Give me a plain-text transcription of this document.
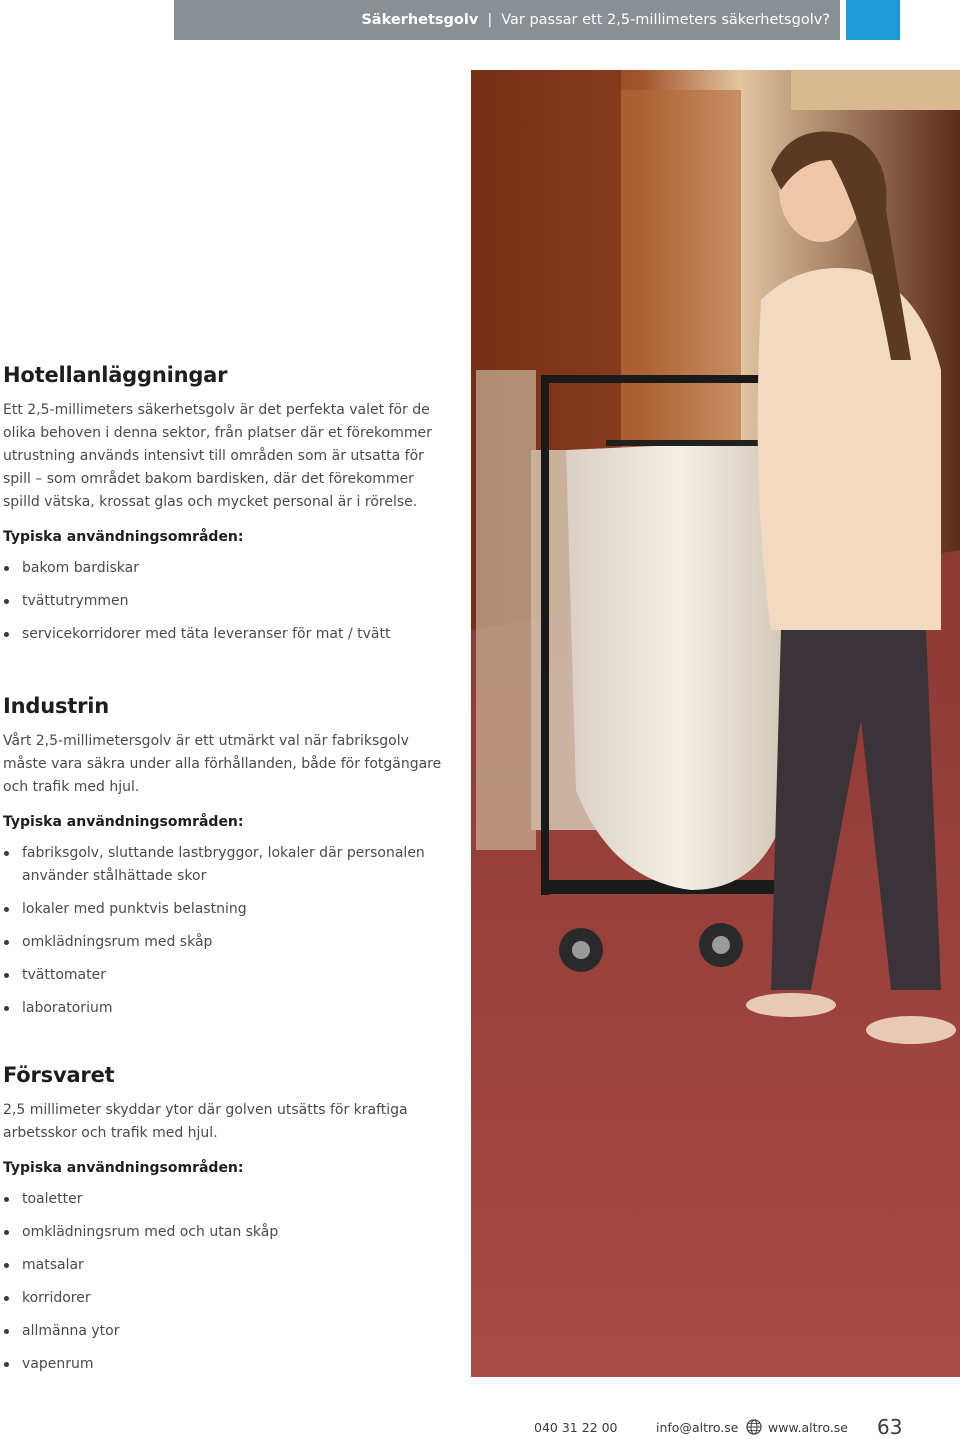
Säkerhetsgolv | Var passar ett 2,5-millimeters säkerhetsgolv?
Hotellanläggningar

Ett 2,5-millimeters säkerhetsgolv är det perfekta valet för de olika behoven i denna sektor, från platser där et förekommer utrustning används intensivt till områden som är utsatta för spill – som området bakom bardisken, där det förekommer spilld vätska, krossat glas och mycket personal är i rörelse.

Typiska användningsområden:
bakom bardiskar
tvättutrymmen
servicekorridorer med täta leveranser för mat / tvätt
Industrin

Vårt 2,5-millimetersgolv är ett utmärkt val när fabriksgolv måste vara säkra under alla förhållanden, både för fotgängare och trafik med hjul.

Typiska användningsområden:
fabriksgolv, sluttande lastbryggor, lokaler där personalen använder stålhättade skor
lokaler med punktvis belastning
omklädningsrum med skåp
tvättomater
laboratorium
Försvaret

2,5 millimeter skyddar ytor där golven utsätts för kraftiga arbetsskor och trafik med hjul.

Typiska användningsområden:
toaletter
omklädningsrum med och utan skåp
matsalar
korridorer
allmänna ytor
vapenrum
040 31 22 00	info@altro.se www.altro.se 63
